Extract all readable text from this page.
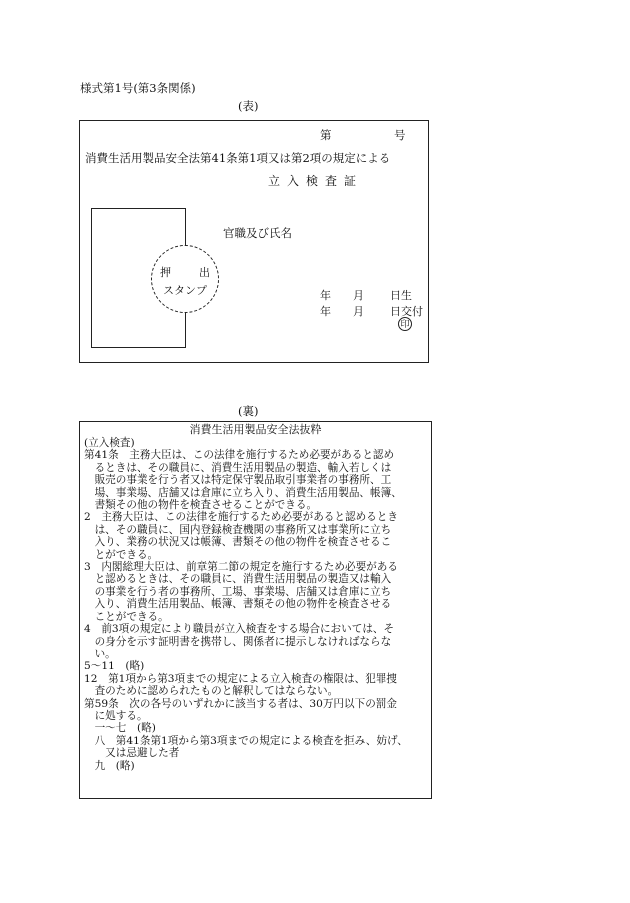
様式第1号(第3条関係)
(表)
第	号
消費生活用製品安全法第41条第1項又は第2項の規定による
立入検査証
押	出
スタンプ
官職及び氏名
年 月 日生
年 月 日交付
印
(裏)
消費生活用製品安全法抜粋
(立入検査)
第41条　主務大臣は、この法律を施行するため必要があると認め
　るときは、その職員に、消費生活用製品の製造、輸入若しくは
　販売の事業を行う者又は特定保守製品取引事業者の事務所、工
　場、事業場、店舗又は倉庫に立ち入り、消費生活用製品、帳簿、
　書類その他の物件を検査させることができる。
2　主務大臣は、この法律を施行するため必要があると認めるとき
　は、その職員に、国内登録検査機関の事務所又は事業所に立ち
　入り、業務の状況又は帳簿、書類その他の物件を検査させるこ
　とができる。
3　内閣総理大臣は、前章第二節の規定を施行するため必要がある
　と認めるときは、その職員に、消費生活用製品の製造又は輸入
　の事業を行う者の事務所、工場、事業場、店舗又は倉庫に立ち
　入り、消費生活用製品、帳簿、書類その他の物件を検査させる
　ことができる。
4　前3項の規定により職員が立入検査をする場合においては、そ
　の身分を示す証明書を携帯し、関係者に提示しなければならな
　い。
5〜11　(略)
12　第1項から第3項までの規定による立入検査の権限は、犯罪捜
　査のために認められたものと解釈してはならない。
第59条　次の各号のいずれかに該当する者は、30万円以下の罰金
　に処する。
　一〜七　(略)
　八　第41条第1項から第3項までの規定による検査を拒み、妨げ、
　　又は忌避した者
　九　(略)
